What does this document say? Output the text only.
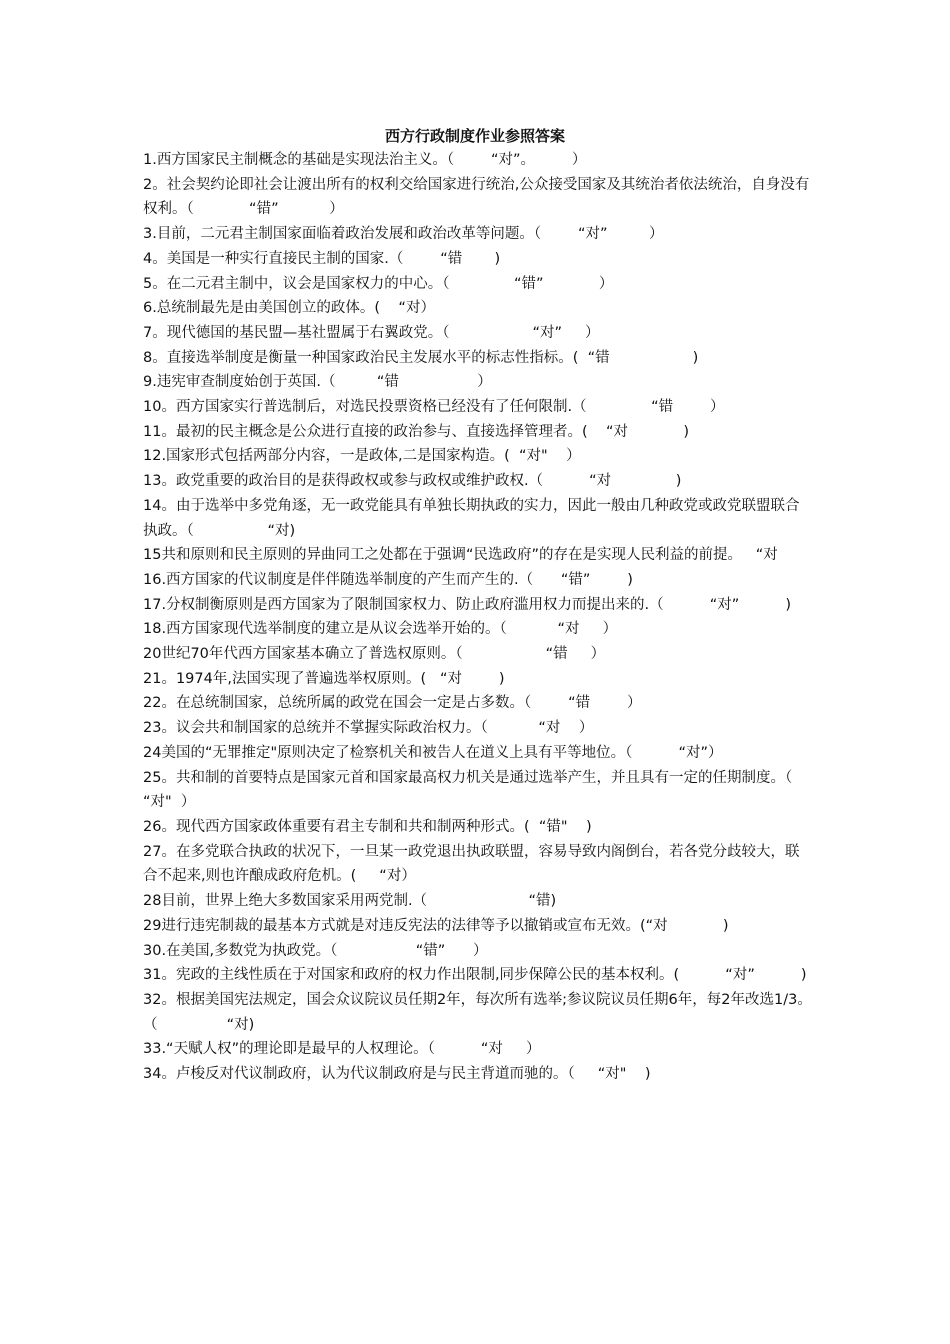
西方行政制度作业参照答案

1.西方国家民主制概念的基础是实现法治主义。（        “对”。        ）

2。社会契约论即社会让渡出所有的权利交给国家进行统治,公众接受国家及其统治者依法统治，自身没有权利。（            “错”           ）

3.目前，二元君主制国家面临着政治发展和政治改革等问题。（        “对”         ）

4。美国是一种实行直接民主制的国家.（        “错       )

5。在二元君主制中，议会是国家权力的中心。（              “错”            ）

6.总统制最先是由美国创立的政体。(    “对）

7。现代德国的基民盟—基社盟属于右翼政党。（                  “对”     ）

8。直接选举制度是衡量一种国家政治民主发展水平的标志性指标。(  “错                  )

9.违宪审查制度始创于英国.（         “错                 ）

10。西方国家实行普选制后，对选民投票资格已经没有了任何限制.（              “错        ）

11。最初的民主概念是公众进行直接的政治参与、直接选择管理者。(    “对            )

12.国家形式包括两部分内容，一是政体,二是国家构造。(  “对"    ）

13。政党重要的政治目的是获得政权或参与政权或维护政权.（          “对              )

14。由于选举中多党角逐，无一政党能具有单独长期执政的实力，因此一般由几种政党或政党联盟联合执政。（                “对)

15共和原则和民主原则的异曲同工之处都在于强调“民选政府”的存在是实现人民利益的前提。   “对

16.西方国家的代议制度是伴伴随选举制度的产生而产生的.（      “错”        )

17.分权制衡原则是西方国家为了限制国家权力、防止政府滥用权力而提出来的.（          “对”          )

18.西方国家现代选举制度的建立是从议会选举开始的。（           “对     ）

20世纪70年代西方国家基本确立了普选权原则。（                  “错     ）

21。1974年,法国实现了普遍选举权原则。(   “对        )

22。在总统制国家，总统所属的政党在国会一定是占多数。（        “错        ）

23。议会共和制国家的总统并不掌握实际政治权力。（           “对    ）

24美国的“无罪推定"原则决定了检察机关和被告人在道义上具有平等地位。（          “对”）

25。共和制的首要特点是国家元首和国家最高权力机关是通过选举产生，并且具有一定的任期制度。（              “对"  ）

26。现代西方国家政体重要有君主专制和共和制两种形式。(  “错"    )

27。在多党联合执政的状况下，一旦某一政党退出执政联盟，容易导致内阁倒台，若各党分歧较大，联合不起来,则也许酿成政府危机。(     “对）

28目前，世界上绝大多数国家采用两党制.（                      “错)

29进行违宪制裁的最基本方式就是对违反宪法的法律等予以撤销或宣布无效。(“对            )

30.在美国,多数党为执政党。（                 “错”      ）

31。宪政的主线性质在于对国家和政府的权力作出限制,同步保障公民的基本权利。(          “对”          )

32。根据美国宪法规定，国会众议院议员任期2年，每次所有选举;参议院议员任期6年，每2年改选1/3。（               “对)

33.“天赋人权”的理论即是最早的人权理论。（          “对     ）

34。卢梭反对代议制政府，认为代议制政府是与民主背道而驰的。（     “对"    )
